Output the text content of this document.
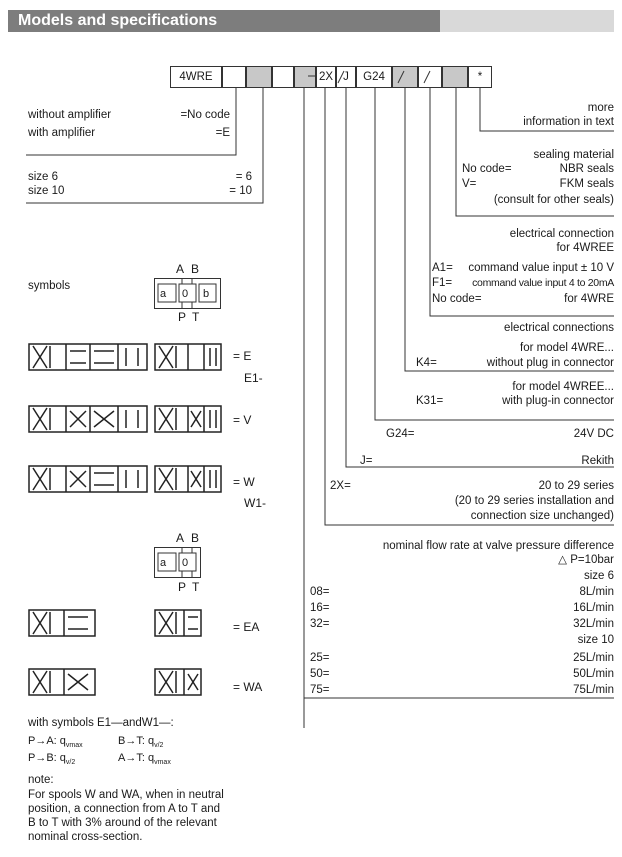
Models and specifications
4WRE	2X J	G24	*
without amplifier	=No code
with amplifier	=E
size 6	= 6
size 10	= 10
symbols
A B
a 0 b
P T
= E
E1-
= V
= W
W1-
A B
a 0
P T
= EA
= WA
with symbols E1—andW1—:
P→A: $q_{vmax}$	B→T: $q_{v/2}$
P→B: $q_{v/2}$	A→T: $q_{vmax}$
note:
For spools W and WA, when in neutral
position, a connection from A to T and
B to T with 3% around of the relevant
nominal cross-section.
more
information in text
sealing material
No code=	NBR seals
V=	FKM seals
(consult for other seals)
electrical connection
for 4WREE
A1= command value input ± 10 V
F1= command value input 4 to 20mA
No code=	for 4WRE
electrical connections
for model 4WRE...
K4=	without plug in connector
for model 4WREE...
K31=	with plug-in connector
G24=	24V DC
J=	Rekith
2X=	20 to 29 series
(20 to 29 series installation and
connection size unchanged)
nominal flow rate at valve pressure difference
△ P=10bar
size 6
08=	8L/min
16=	16L/min
32=	32L/min
size 10
25=	25L/min
50=	50L/min
75=	75L/min
